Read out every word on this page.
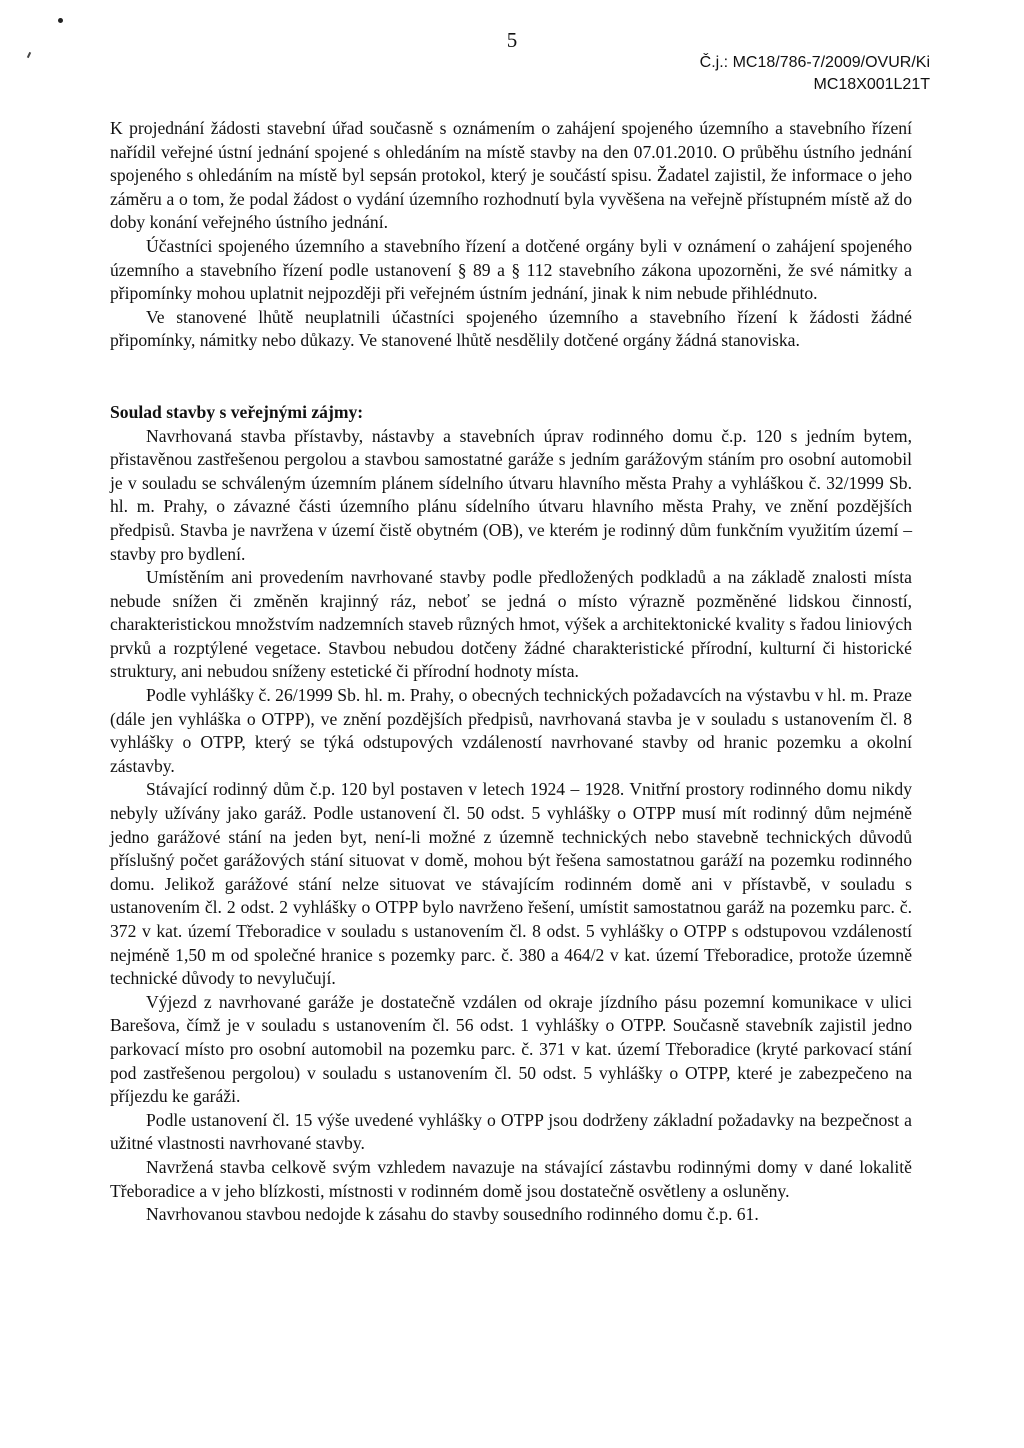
5
Č.j.: MC18/786-7/2009/OVUR/Ki
MC18X001L21T

K projednání žádosti stavební úřad současně s oznámením o zahájení spojeného územního a stavebního řízení nařídil veřejné ústní jednání spojené s ohledáním na místě stavby na den 07.01.2010. O průběhu ústního jednání spojeného s ohledáním na místě byl sepsán protokol, který je součástí spisu. Žadatel zajistil, že informace o jeho záměru a o tom, že podal žádost o vydání územního rozhodnutí byla vyvěšena na veřejně přístupném místě až do doby konání veřejného ústního jednání.

Účastníci spojeného územního a stavebního řízení a dotčené orgány byli v oznámení o zahájení spojeného územního a stavebního řízení podle ustanovení § 89 a § 112 stavebního zákona upozorněni, že své námitky a připomínky mohou uplatnit nejpozději při veřejném ústním jednání, jinak k nim nebude přihlédnuto.

Ve stanovené lhůtě neuplatnili účastníci spojeného územního a stavebního řízení k žádosti žádné připomínky, námitky nebo důkazy. Ve stanovené lhůtě nesdělily dotčené orgány žádná stanoviska.

Soulad stavby s veřejnými zájmy:

Navrhovaná stavba přístavby, nástavby a stavebních úprav rodinného domu č.p. 120 s jedním bytem, přistavěnou zastřešenou pergolou a stavbou samostatné garáže s jedním garážovým stáním pro osobní automobil je v souladu se schváleným územním plánem sídelního útvaru hlavního města Prahy a vyhláškou č. 32/1999 Sb. hl. m. Prahy, o závazné části územního plánu sídelního útvaru hlavního města Prahy, ve znění pozdějších předpisů. Stavba je navržena v území čistě obytném (OB), ve kterém je rodinný dům funkčním využitím území – stavby pro bydlení.

Umístěním ani provedením navrhované stavby podle předložených podkladů a na základě znalosti místa nebude snížen či změněn krajinný ráz, neboť se jedná o místo výrazně pozměněné lidskou činností, charakteristickou množstvím nadzemních staveb různých hmot, výšek a architektonické kvality s řadou liniových prvků a rozptýlené vegetace. Stavbou nebudou dotčeny žádné charakteristické přírodní, kulturní či historické struktury, ani nebudou sníženy estetické či přírodní hodnoty místa.

Podle vyhlášky č. 26/1999 Sb. hl. m. Prahy, o obecných technických požadavcích na výstavbu v hl. m. Praze (dále jen vyhláška o OTPP), ve znění pozdějších předpisů, navrhovaná stavba je v souladu s ustanovením čl. 8 vyhlášky o OTPP, který se týká odstupových vzdáleností navrhované stavby od hranic pozemku a okolní zástavby.

Stávající rodinný dům č.p. 120 byl postaven v letech 1924 – 1928. Vnitřní prostory rodinného domu nikdy nebyly užívány jako garáž. Podle ustanovení čl. 50 odst. 5 vyhlášky o OTPP musí mít rodinný dům nejméně jedno garážové stání na jeden byt, není-li možné z územně technických nebo stavebně technických důvodů příslušný počet garážových stání situovat v domě, mohou být řešena samostatnou garáží na pozemku rodinného domu. Jelikož garážové stání nelze situovat ve stávajícím rodinném domě ani v přístavbě, v souladu s ustanovením čl. 2 odst. 2 vyhlášky o OTPP bylo navrženo řešení, umístit samostatnou garáž na pozemku parc. č. 372 v kat. území Třeboradice v souladu s ustanovením čl. 8 odst. 5 vyhlášky o OTPP s odstupovou vzdáleností nejméně 1,50 m od společné hranice s pozemky parc. č. 380 a 464/2 v kat. území Třeboradice, protože územně technické důvody to nevylučují.

Výjezd z navrhované garáže je dostatečně vzdálen od okraje jízdního pásu pozemní komunikace v ulici Barešova, čímž je v souladu s ustanovením čl. 56 odst. 1 vyhlášky o OTPP. Současně stavebník zajistil jedno parkovací místo pro osobní automobil na pozemku parc. č. 371 v kat. území Třeboradice (kryté parkovací stání pod zastřešenou pergolou) v souladu s ustanovením čl. 50 odst. 5 vyhlášky o OTPP, které je zabezpečeno na příjezdu ke garáži.

Podle ustanovení čl. 15 výše uvedené vyhlášky o OTPP jsou dodrženy základní požadavky na bezpečnost a užitné vlastnosti navrhované stavby.

Navržená stavba celkově svým vzhledem navazuje na stávající zástavbu rodinnými domy v dané lokalitě Třeboradice a v jeho blízkosti, místnosti v rodinném domě jsou dostatečně osvětleny a osluněny.

Navrhovanou stavbou nedojde k zásahu do stavby sousedního rodinného domu č.p. 61.
